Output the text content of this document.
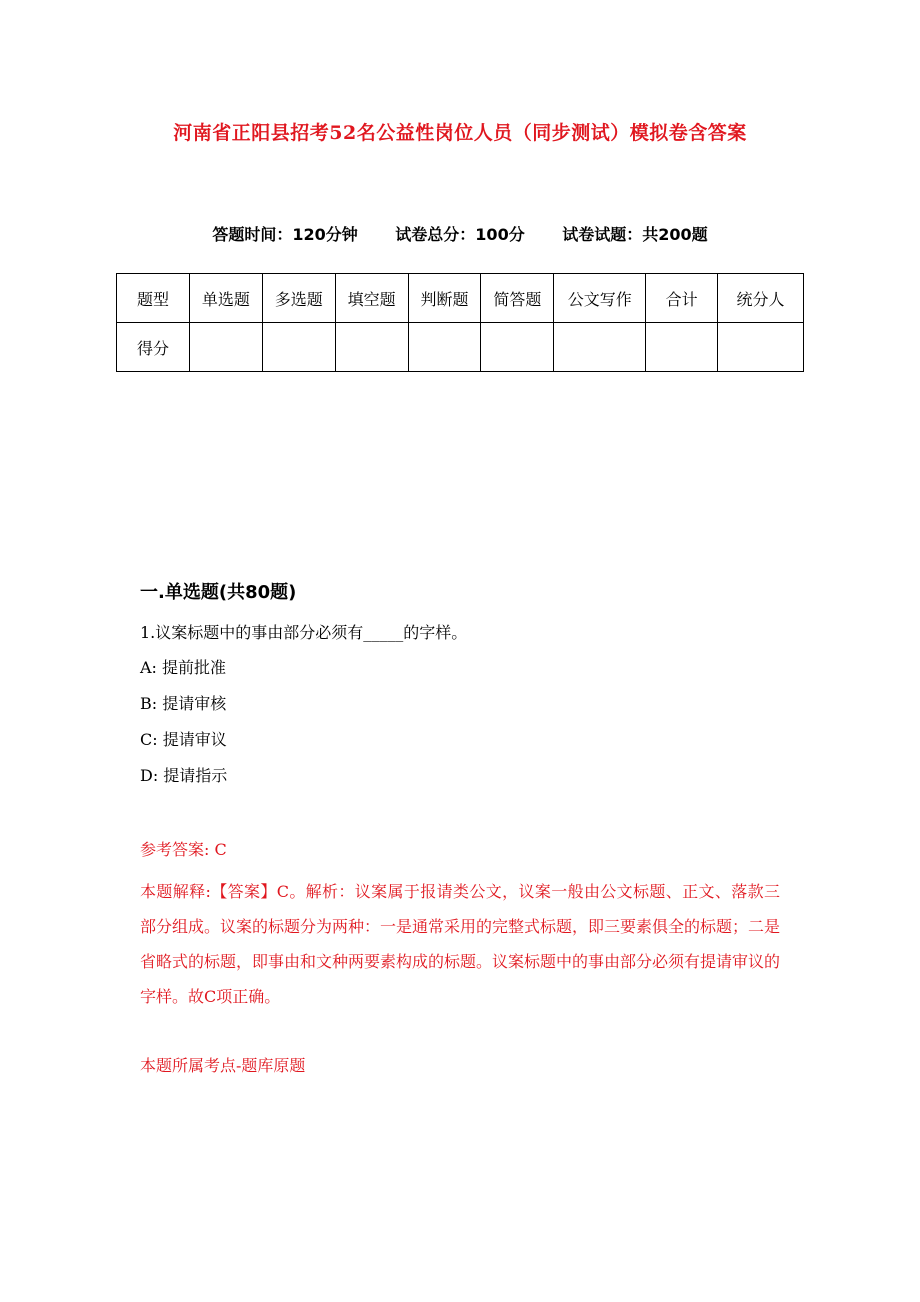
河南省正阳县招考52名公益性岗位人员（同步测试）模拟卷含答案
答题时间：120分钟 试卷总分：100分 试卷试题：共200题
题型	单选题	多选题	填空题	判断题	简答题	公文写作	合计	统分人
得分								
一.单选题(共80题)
1.议案标题中的事由部分必须有_____的字样。
A: 提前批准
B: 提请审核
C: 提请审议
D: 提请指示
参考答案: C
本题解释:【答案】C。解析：议案属于报请类公文，议案一般由公文标题、正文、落款三部分组成。议案的标题分为两种：一是通常采用的完整式标题，即三要素俱全的标题；二是省略式的标题，即事由和文种两要素构成的标题。议案标题中的事由部分必须有提请审议的字样。故C项正确。
本题所属考点-题库原题
